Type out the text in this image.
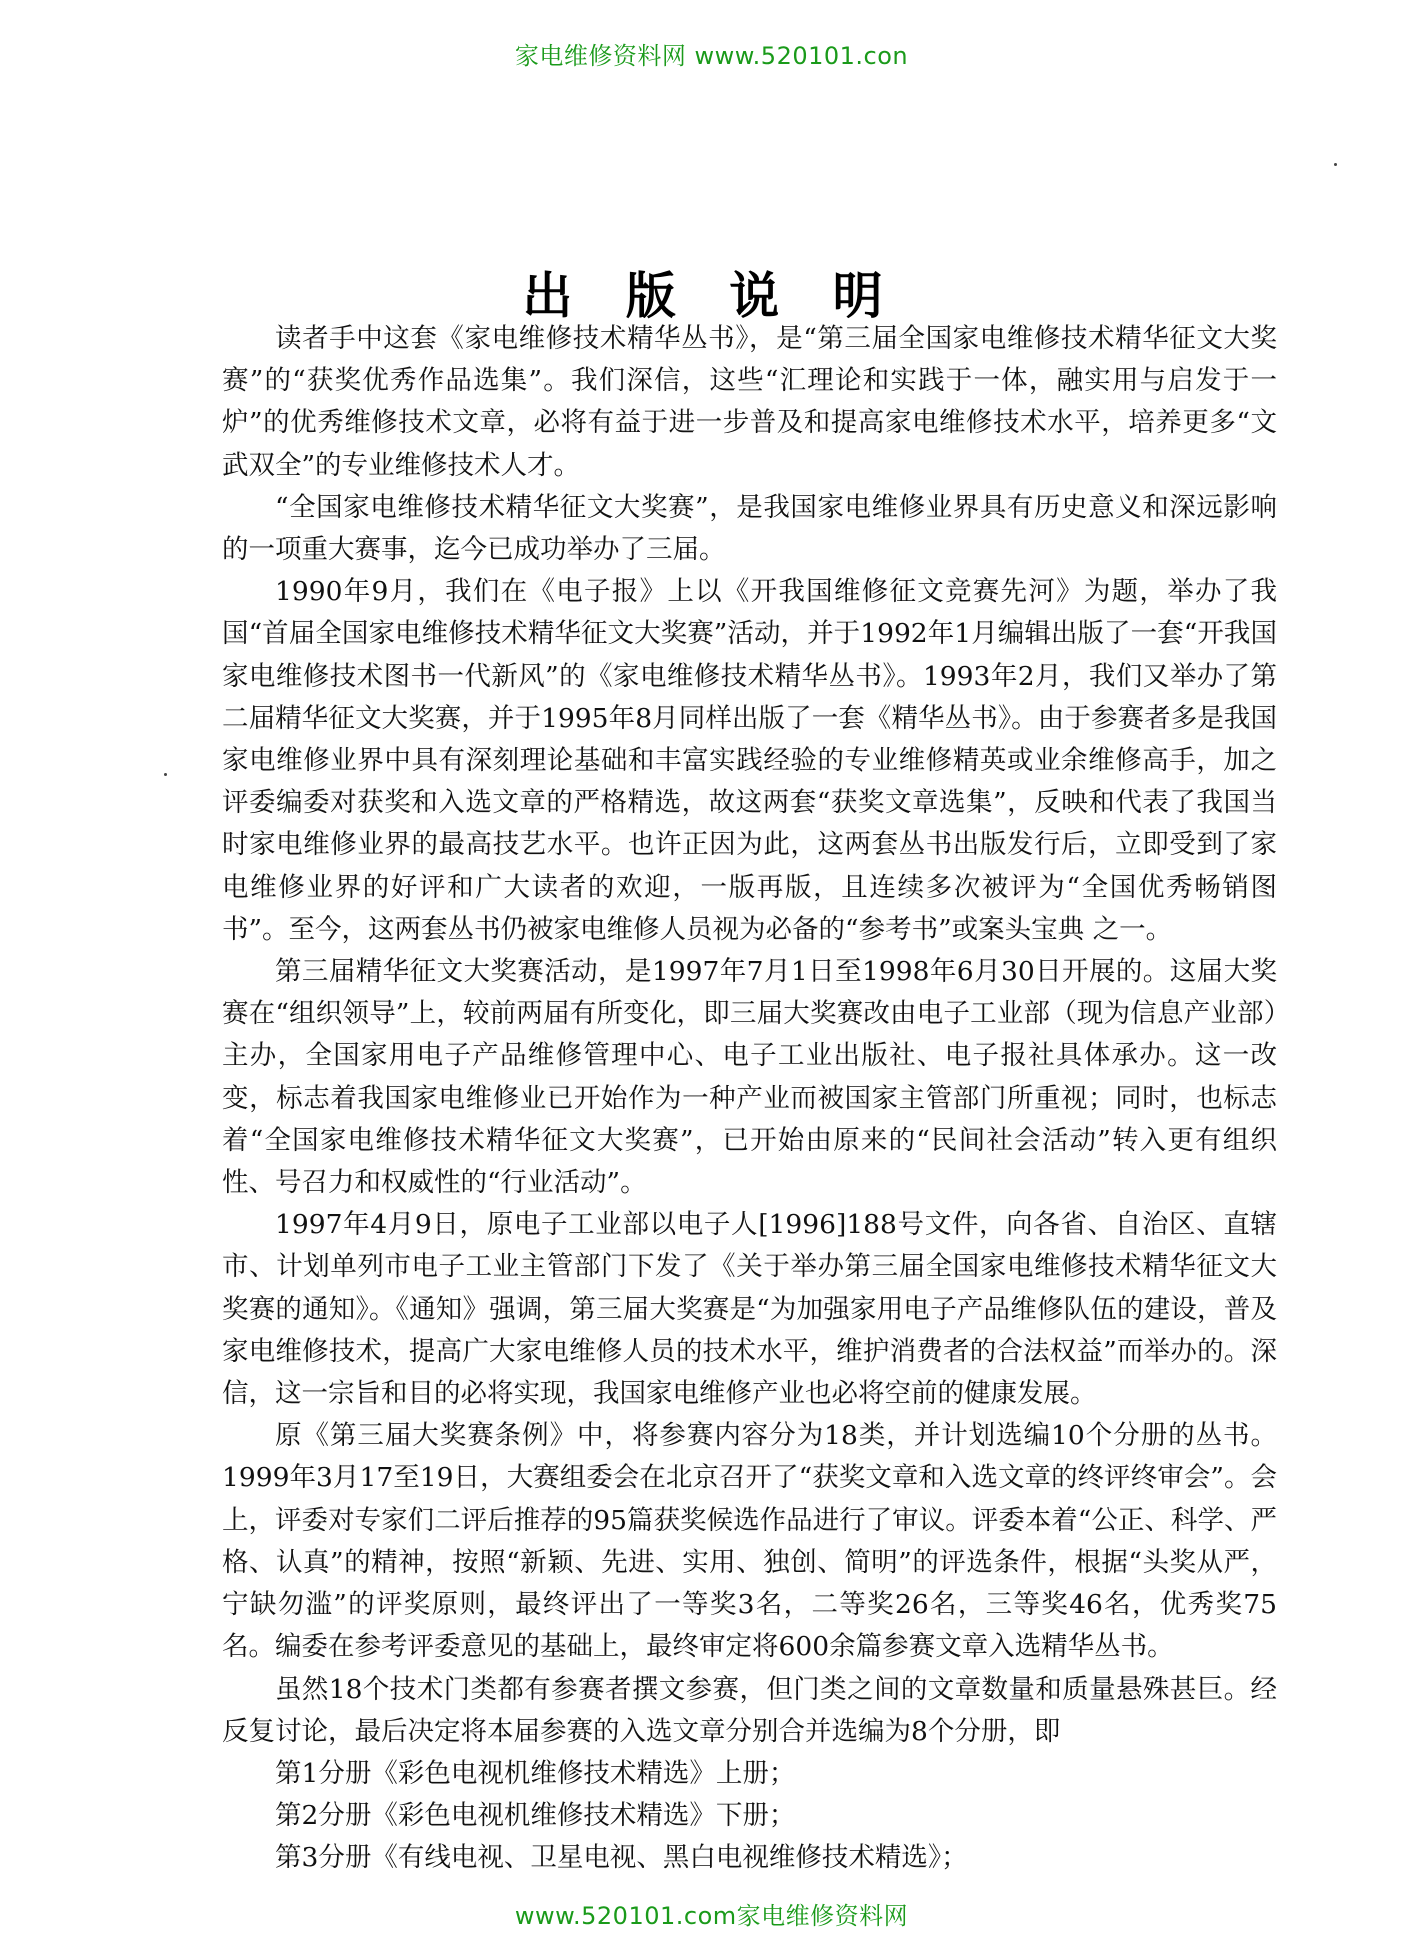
家电维修资料网 www.520101.con
出 版 说 明

读者手中这套《家电维修技术精华丛书》，是“第三届全国家电维修技术精华征文大奖赛”的“获奖优秀作品选集”。我们深信，这些“汇理论和实践于一体，融实用与启发于一炉”的优秀维修技术文章，必将有益于进一步普及和提高家电维修技术水平，培养更多“文武双全”的专业维修技术人才。

“全国家电维修技术精华征文大奖赛”，是我国家电维修业界具有历史意义和深远影响的一项重大赛事，迄今已成功举办了三届。

1990年9月，我们在《电子报》上以《开我国维修征文竞赛先河》为题，举办了我国“首届全国家电维修技术精华征文大奖赛”活动，并于1992年1月编辑出版了一套“开我国家电维修技术图书一代新风”的《家电维修技术精华丛书》。1993年2月，我们又举办了第二届精华征文大奖赛，并于1995年8月同样出版了一套《精华丛书》。由于参赛者多是我国家电维修业界中具有深刻理论基础和丰富实践经验的专业维修精英或业余维修高手，加之评委编委对获奖和入选文章的严格精选，故这两套“获奖文章选集”，反映和代表了我国当时家电维修业界的最高技艺水平。也许正因为此，这两套丛书出版发行后，立即受到了家电维修业界的好评和广大读者的欢迎，一版再版，且连续多次被评为“全国优秀畅销图书”。至今，这两套丛书仍被家电维修人员视为必备的“参考书”或案头宝典 之一。

第三届精华征文大奖赛活动，是1997年7月1日至1998年6月30日开展的。这届大奖赛在“组织领导”上，较前两届有所变化，即三届大奖赛改由电子工业部（现为信息产业部）主办，全国家用电子产品维修管理中心、电子工业出版社、电子报社具体承办。这一改变，标志着我国家电维修业已开始作为一种产业而被国家主管部门所重视；同时，也标志着“全国家电维修技术精华征文大奖赛”，已开始由原来的“民间社会活动”转入更有组织性、号召力和权威性的“行业活动”。

1997年4月9日，原电子工业部以电子人[1996]188号文件，向各省、自治区、直辖市、计划单列市电子工业主管部门下发了《关于举办第三届全国家电维修技术精华征文大奖赛的通知》。《通知》强调，第三届大奖赛是“为加强家用电子产品维修队伍的建设，普及家电维修技术，提高广大家电维修人员的技术水平，维护消费者的合法权益”而举办的。深信，这一宗旨和目的必将实现，我国家电维修产业也必将空前的健康发展。

原《第三届大奖赛条例》中，将参赛内容分为18类，并计划选编10个分册的丛书。1999年3月17至19日，大赛组委会在北京召开了“获奖文章和入选文章的终评终审会”。会上，评委对专家们二评后推荐的95篇获奖候选作品进行了审议。评委本着“公正、科学、严格、认真”的精神，按照“新颖、先进、实用、独创、简明”的评选条件，根据“头奖从严，宁缺勿滥”的评奖原则，最终评出了一等奖3名，二等奖26名，三等奖46名，优秀奖75名。编委在参考评委意见的基础上，最终审定将600余篇参赛文章入选精华丛书。

虽然18个技术门类都有参赛者撰文参赛，但门类之间的文章数量和质量悬殊甚巨。经反复讨论，最后决定将本届参赛的入选文章分别合并选编为8个分册，即

第1分册《彩色电视机维修技术精选》上册；

第2分册《彩色电视机维修技术精选》下册；

第3分册《有线电视、卫星电视、黑白电视维修技术精选》；

www.520101.com家电维修资料网
